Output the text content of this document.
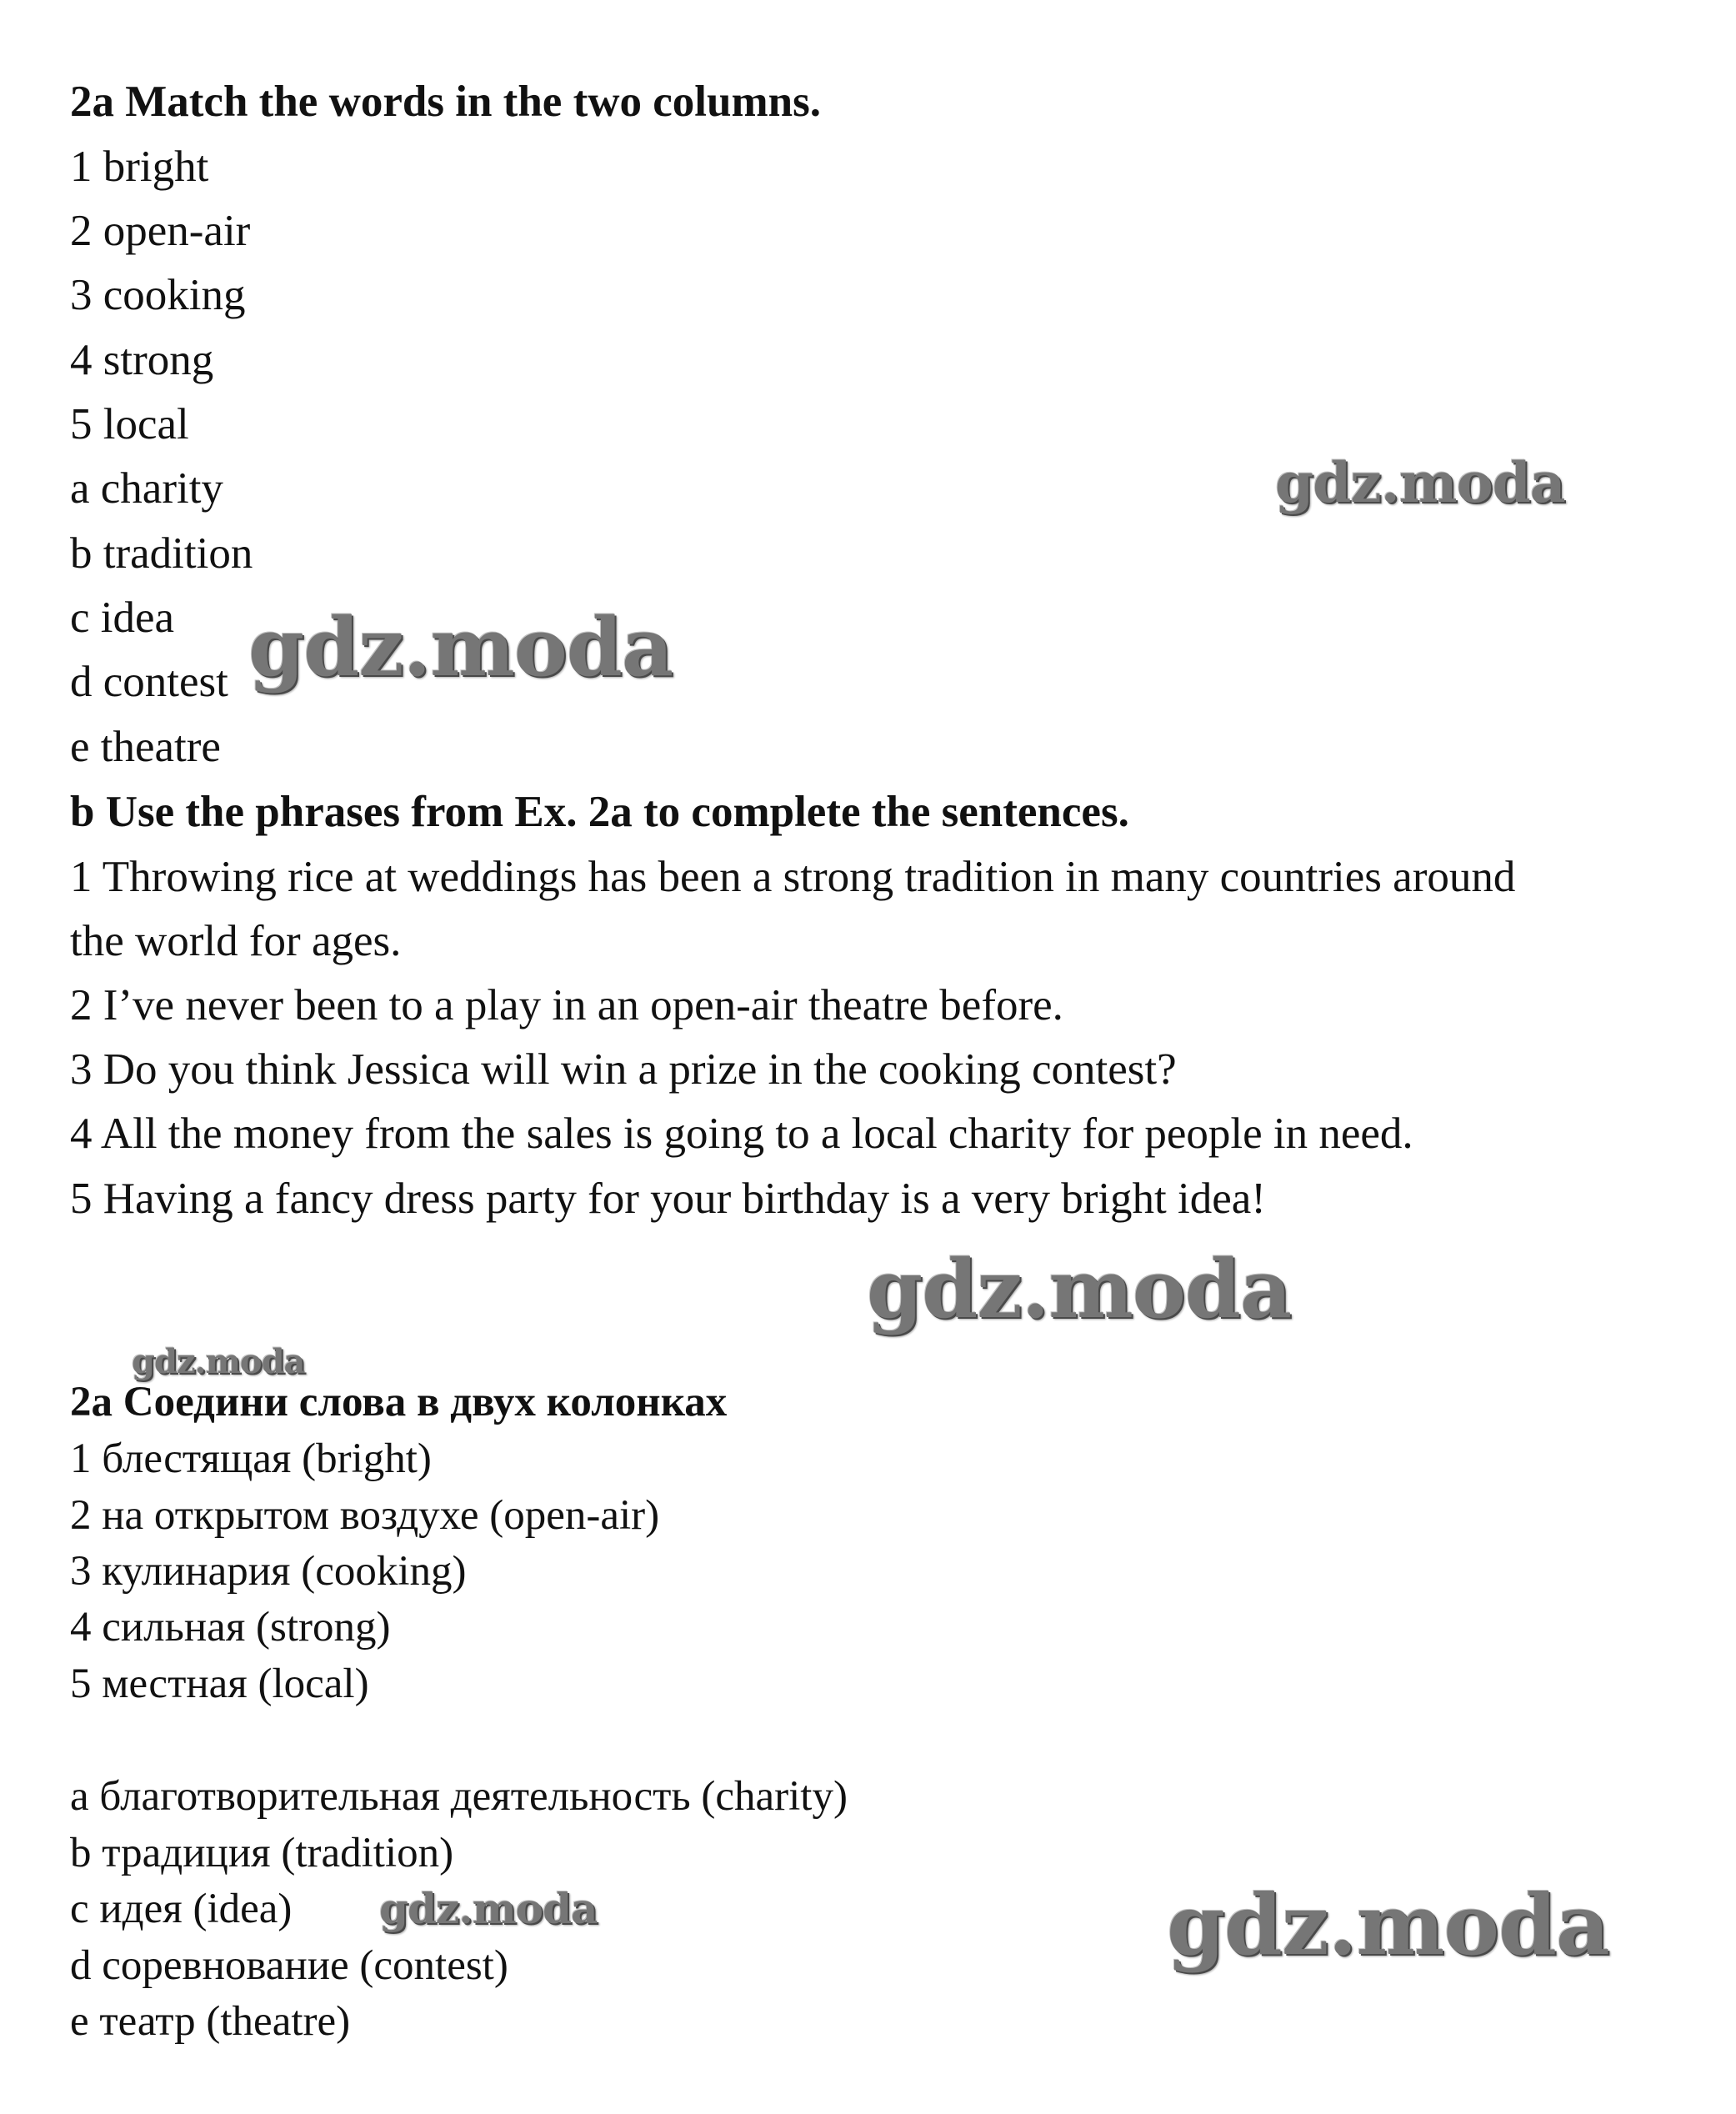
2a Match the words in the two columns.

1 bright

2 open-air

3 cooking

4 strong

5 local

a charity

b tradition

c idea

d contest

e theatre

b Use the phrases from Ex. 2a to complete the sentences.

1 Throwing rice at weddings has been a strong tradition in many countries around

the world for ages.

2 I’ve never been to a play in an open-air theatre before.

3 Do you think Jessica will win a prize in the cooking contest?

4 All the money from the sales is going to a local charity for people in need.

5 Having a fancy dress party for your birthday is a very bright idea!

2a Соедини слова в двух колонках

1 блестящая (bright)

2 на открытом воздухе (open-air)

3 кулинария (cooking)

4 сильная (strong)

5 местная (local)

a благотворительная деятельность (charity)

b традиция (tradition)

c идея (idea)

d соревнование (contest)

e театр (theatre)

gdz.moda
gdz.moda
gdz.moda
gdz.moda
gdz.moda	gdz.moda
